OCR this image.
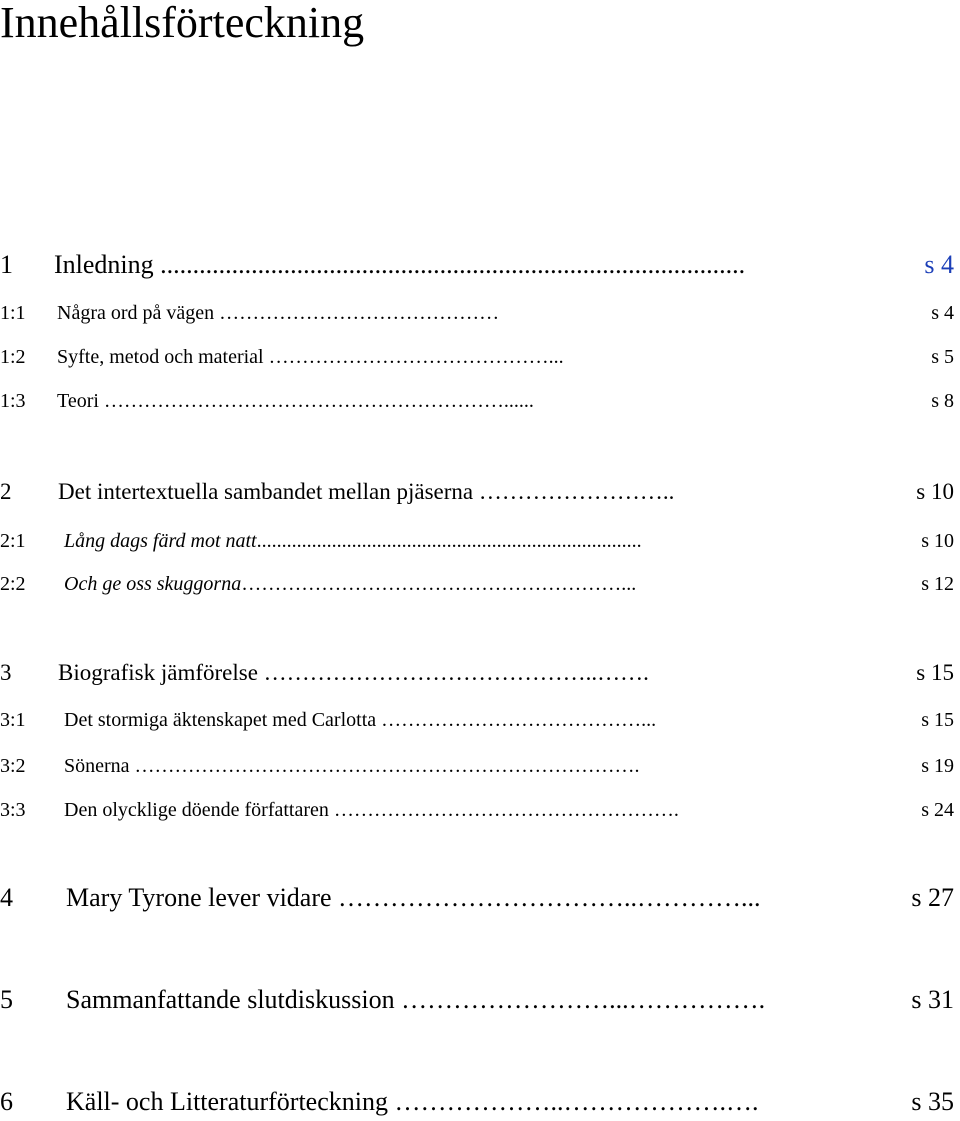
Innehållsförteckning
1 Inledning ..........................................................................................	s 4
1:1 Några ord på vägen ……………………………………	s 4
1:2 Syfte, metod och material ……………………………………...	s 5
1:3 Teori ……………………………………………………......	s 8
2 Det intertextuella sambandet mellan pjäserna ……………………..	s 10
2:1 Lång dags färd mot natt.............................................................................	s 10
2:2 Och ge oss skuggorna…………………………………………………...	s 12
3 Biografisk jämförelse ……………………………………..…….	s 15
3:1 Det stormiga äktenskapet med Carlotta …………………………………...	s 15
3:2 Sönerna ………………………………………………………………….	s 19
3:3 Den olycklige döende författaren …………………………………………….	s 24
4 Mary Tyrone lever vidare ……………………………..…………...	s 27
5 Sammanfattande slutdiskussion ……………………...…………….	s 31
6 Käll- och Litteraturförteckning ………………..……………….….	s 35
